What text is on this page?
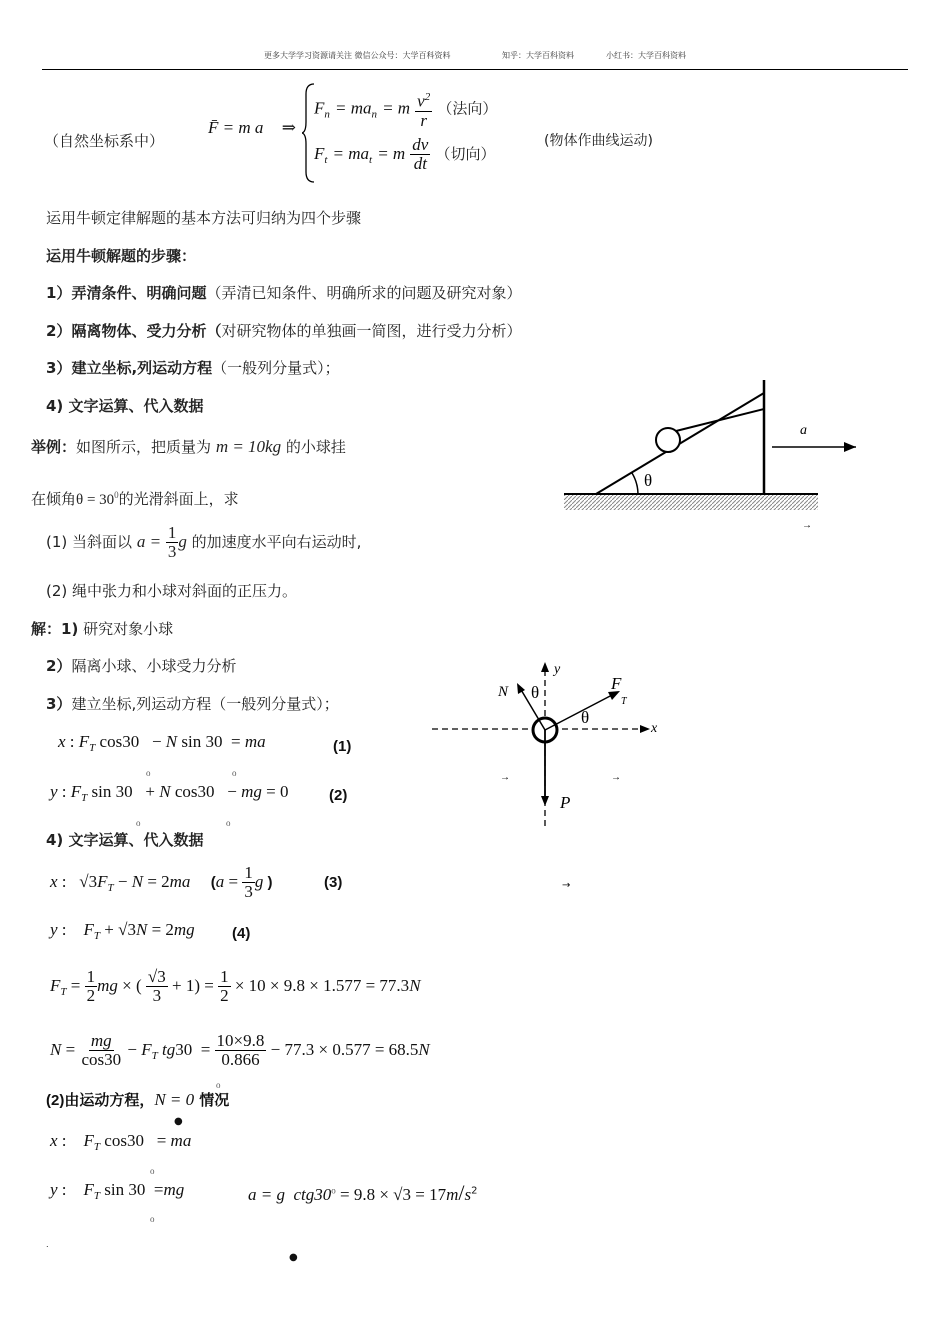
更多大学学习资源请关注 微信公众号：大学百科资料	知乎：大学百科资料	小红书：大学百科资料
（自然坐标系中）
F̄ = m a⃗ ⇒
$F_n = ma_n = m \frac{v^2}{r}$ （法向）
$F_t = ma_t = m \frac{dv}{dt}$ （切向）
(物体作曲线运动)
运用牛顿定律解题的基本方法可归纳为四个步骤
运用牛顿解题的步骤：
1）弄清条件、明确问题（弄清已知条件、明确所求的问题及研究对象）
2）隔离物体、受力分析（对研究物体的单独画一简图，进行受力分析）
3）建立坐标,列运动方程（一般列分量式）；
4) 文字运算、代入数据
举例：如图所示，把质量为 m = 10kg 的小球挂
在倾角$\theta = 30^0$的光滑斜面上，求
(1) 当斜面以 $a = \frac{1}{3}$ g 的加速度水平向右运动时,
(2) 绳中张力和小球对斜面的正压力。
θ
a
→
解：1) 研究对象小球
2）隔离小球、小球受力分析
3）建立坐标,列运动方程（一般列分量式）；
x : $F_T$ cos30   − N sin 30  = ma	(1)
y : $F_T$ sin 30   + N cos30   − mg = 0	(2)
o	o
o	o
y
x
N θ	F
T
θ
P
→	→
→
4) 文字运算、代入数据
x :   $√3F_T - N = 2ma$ ($a = \frac{1}{3}$ g )	(3)
y :    $F_T + √3N = 2mg$ (4)
$F_T = \frac{1}{2}$ mg × ( $\frac{√3}{3} + 1) = \frac{1}{2} \times 10 \times 9.8 \times 1.577 = 77.3N$
$N = \frac{mg}{\cos 30} - F_T$ $tg30 = \frac{10\times 9.8}{0.866} - 77.3 \times 0.577 = 68.5N$
o
(2)由运动方程，N = 0 情况
●
x :    $F_T$ cos30   = ma
o
y :    $F_T$ sin 30  =mg
o
a = g  $ctg30^o = 9.8 \times √3 = 17m/s^2$
.
●
